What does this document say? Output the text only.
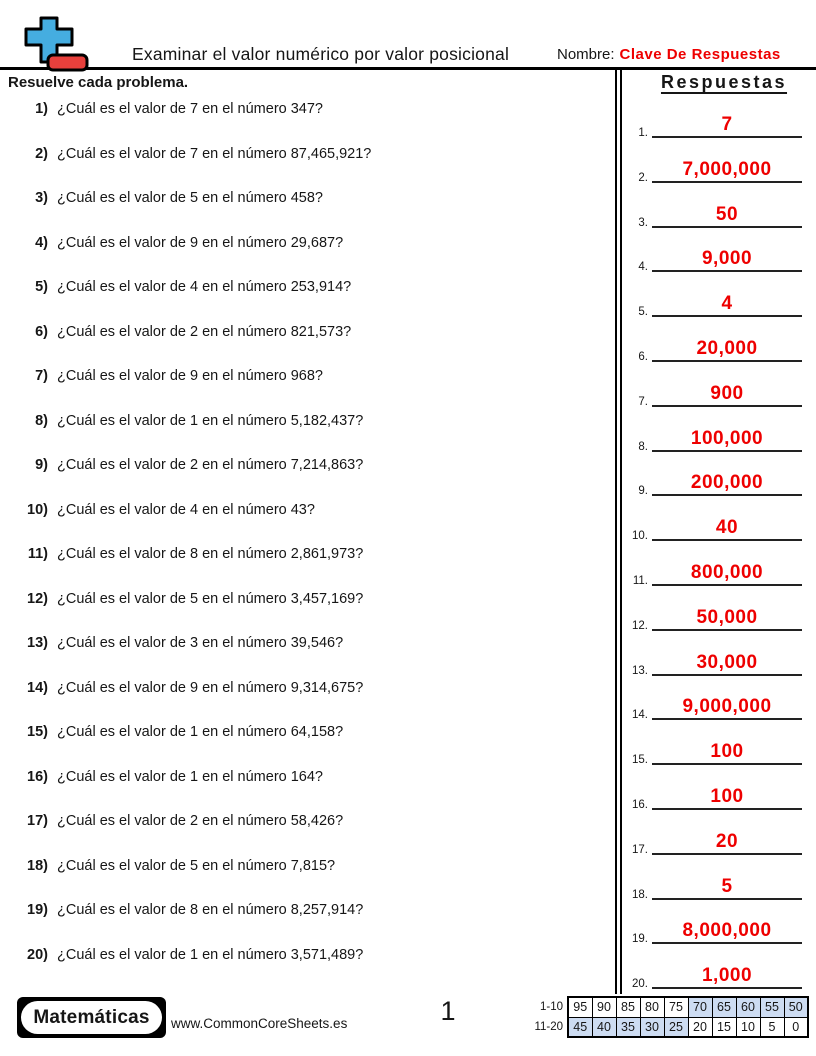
Examinar el valor numérico por valor posicional	Nombre: Clave De Respuestas
Resuelve cada problema.
1) ¿Cuál es el valor de 7 en el número 347?
2) ¿Cuál es el valor de 7 en el número 87,465,921?
3) ¿Cuál es el valor de 5 en el número 458?
4) ¿Cuál es el valor de 9 en el número 29,687?
5) ¿Cuál es el valor de 4 en el número 253,914?
6) ¿Cuál es el valor de 2 en el número 821,573?
7) ¿Cuál es el valor de 9 en el número 968?
8) ¿Cuál es el valor de 1 en el número 5,182,437?
9) ¿Cuál es el valor de 2 en el número 7,214,863?
10) ¿Cuál es el valor de 4 en el número 43?
11) ¿Cuál es el valor de 8 en el número 2,861,973?
12) ¿Cuál es el valor de 5 en el número 3,457,169?
13) ¿Cuál es el valor de 3 en el número 39,546?
14) ¿Cuál es el valor de 9 en el número 9,314,675?
15) ¿Cuál es el valor de 1 en el número 64,158?
16) ¿Cuál es el valor de 1 en el número 164?
17) ¿Cuál es el valor de 2 en el número 58,426?
18) ¿Cuál es el valor de 5 en el número 7,815?
19) ¿Cuál es el valor de 8 en el número 8,257,914?
20) ¿Cuál es el valor de 1 en el número 3,571,489?
Respuestas
1.	7
2.	7,000,000
3.	50
4.	9,000
5.	4
6.	20,000
7.	900
8.	100,000
9.	200,000
10.	40
11.	800,000
12.	50,000
13.	30,000
14.	9,000,000
15.	100
16.	100
17.	20
18.	5
19.	8,000,000
20.	1,000
Matemáticas	www.CommonCoreSheets.es	1	1-10	95	90	85	80	75	70	65	60	55	50
11-20	45	40	35	30	25	20	15	10	5	0
